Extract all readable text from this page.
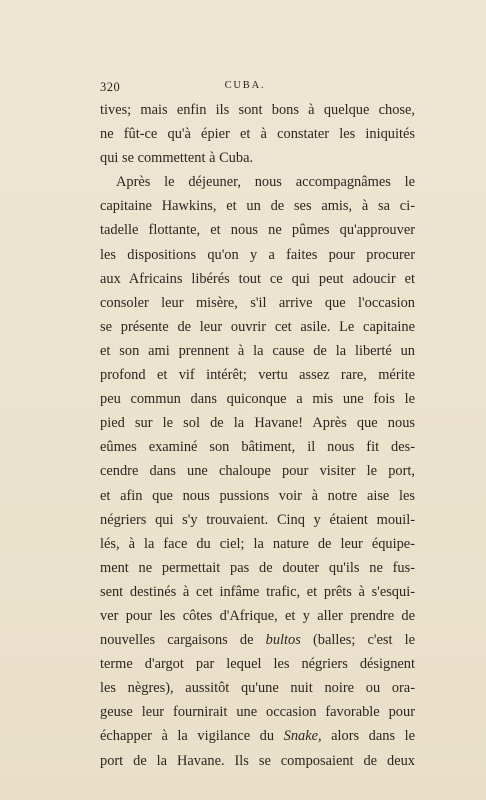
320	CUBA.
tives; mais enfin ils sont bons à quelque chose,
ne fût-ce qu'à épier et à constater les iniquités
qui se commettent à Cuba.
Après le déjeuner, nous accompagnâmes le
capitaine Hawkins, et un de ses amis, à sa ci-
tadelle flottante, et nous ne pûmes qu'approuver
les dispositions qu'on y a faites pour procurer
aux Africains libérés tout ce qui peut adoucir et
consoler leur misère, s'il arrive que l'occasion
se présente de leur ouvrir cet asile. Le capitaine
et son ami prennent à la cause de la liberté un
profond et vif intérêt; vertu assez rare, mérite
peu commun dans quiconque a mis une fois le
pied sur le sol de la Havane! Après que nous
eûmes examiné son bâtiment, il nous fit des-
cendre dans une chaloupe pour visiter le port,
et afin que nous pussions voir à notre aise les
négriers qui s'y trouvaient. Cinq y étaient mouil-
lés, à la face du ciel; la nature de leur équipe-
ment ne permettait pas de douter qu'ils ne fus-
sent destinés à cet infâme trafic, et prêts à s'esqui-
ver pour les côtes d'Afrique, et y aller prendre de
nouvelles cargaisons de bultos (balles; c'est le
terme d'argot par lequel les négriers désignent
les nègres), aussitôt qu'une nuit noire ou ora-
geuse leur fournirait une occasion favorable pour
échapper à la vigilance du Snake, alors dans le
port de la Havane. Ils se composaient de deux
